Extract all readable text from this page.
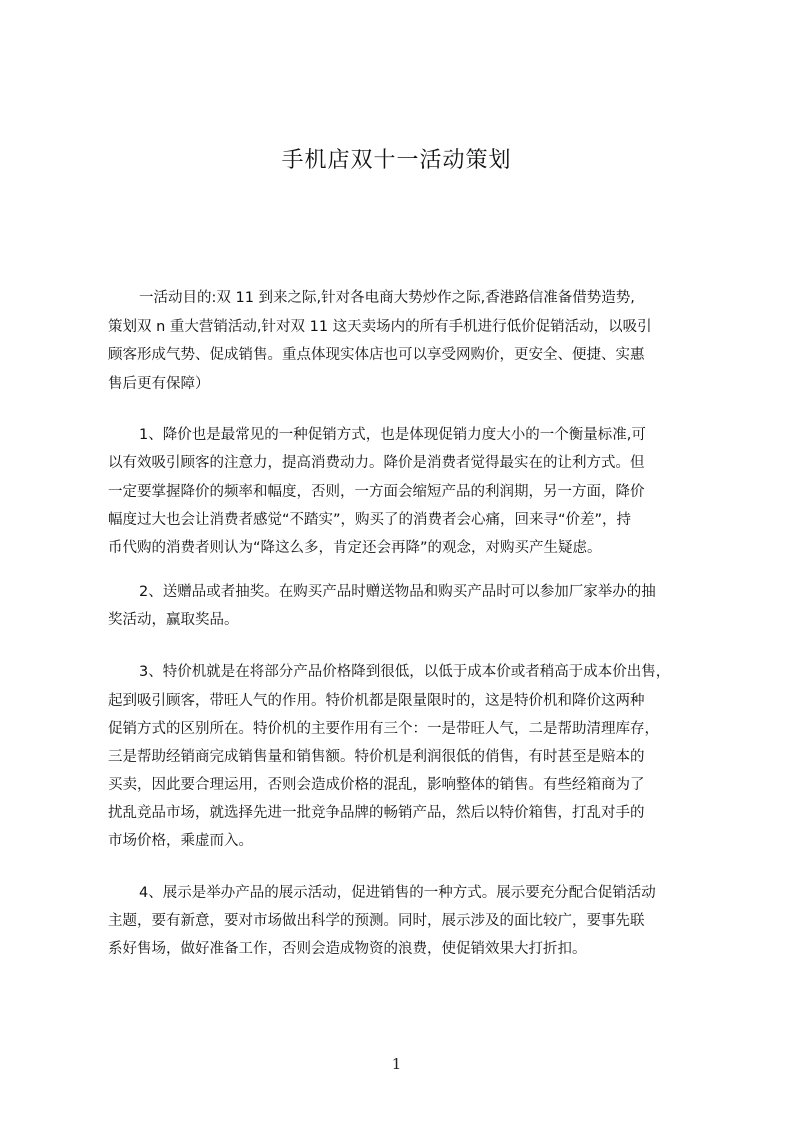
手机店双十一活动策划
一活动目的:双 11 到来之际,针对各电商大势炒作之际,香港路信准备借势造势,
策划双 n 重大营销活动,针对双 11 这天卖场内的所有手机进行低价促销活动，以吸引
顾客形成气势、促成销售。重点体现实体店也可以享受网购价，更安全、便捷、实惠
售后更有保障）
1、降价也是最常见的一种促销方式，也是体现促销力度大小的一个衡量标准,可
以有效吸引顾客的注意力，提高消费动力。降价是消费者觉得最实在的让利方式。但
一定要掌握降价的频率和幅度，否则，一方面会缩短产品的利润期，另一方面，降价
幅度过大也会让消费者感觉“不踏实”，购买了的消费者会心痛，回来寻“价差”，持
币代购的消费者则认为“降这么多，肯定还会再降”的观念，对购买产生疑虑。
2、送赠品或者抽奖。在购买产品时赠送物品和购买产品时可以参加厂家举办的抽
奖活动，赢取奖品。
3、特价机就是在将部分产品价格降到很低，以低于成本价或者稍高于成本价出售，
起到吸引顾客，带旺人气的作用。特价机都是限量限时的，这是特价机和降价这两种
促销方式的区别所在。特价机的主要作用有三个：一是带旺人气，二是帮助清理库存，
三是帮助经销商完成销售量和销售额。特价机是利润很低的俏售，有时甚至是赔本的
买卖，因此要合理运用，否则会造成价格的混乱，影响整体的销售。有些经箱商为了
扰乱竞品市场，就选择先进一批竞争品牌的畅销产品，然后以特价箱售，打乱对手的
市场价格，乘虚而入。
4、展示是举办产品的展示活动，促进销售的一种方式。展示要充分配合促销活动
主题，要有新意，要对市场做出科学的预测。同时，展示涉及的面比较广，要事先联
系好售场，做好准备工作，否则会造成物资的浪费，使促销效果大打折扣。
1
